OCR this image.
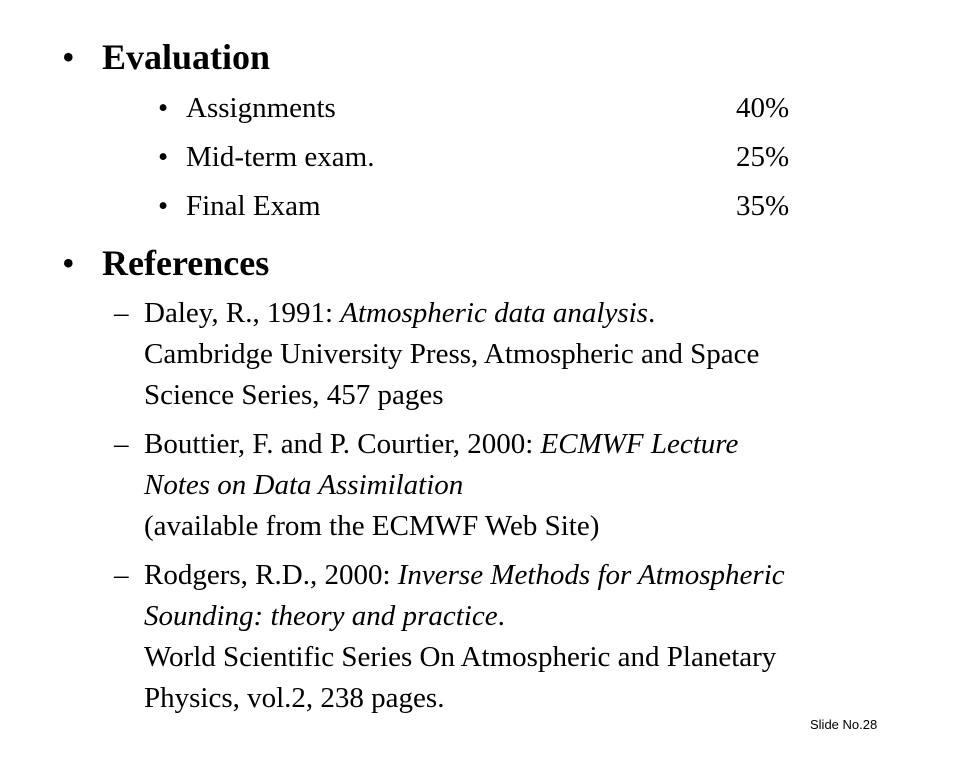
• Evaluation
• Assignments	40%
• Mid-term exam.	25%
• Final Exam	35%
• References
– Daley, R., 1991: Atmospheric data analysis.
Cambridge University Press, Atmospheric and Space
Science Series, 457 pages
– Bouttier, F. and P. Courtier, 2000: ECMWF Lecture
Notes on Data Assimilation
(available from the ECMWF Web Site)
– Rodgers, R.D., 2000: Inverse Methods for Atmospheric
Sounding: theory and practice.
World Scientific Series On Atmospheric and Planetary
Physics, vol.2, 238 pages.
Slide No.28
